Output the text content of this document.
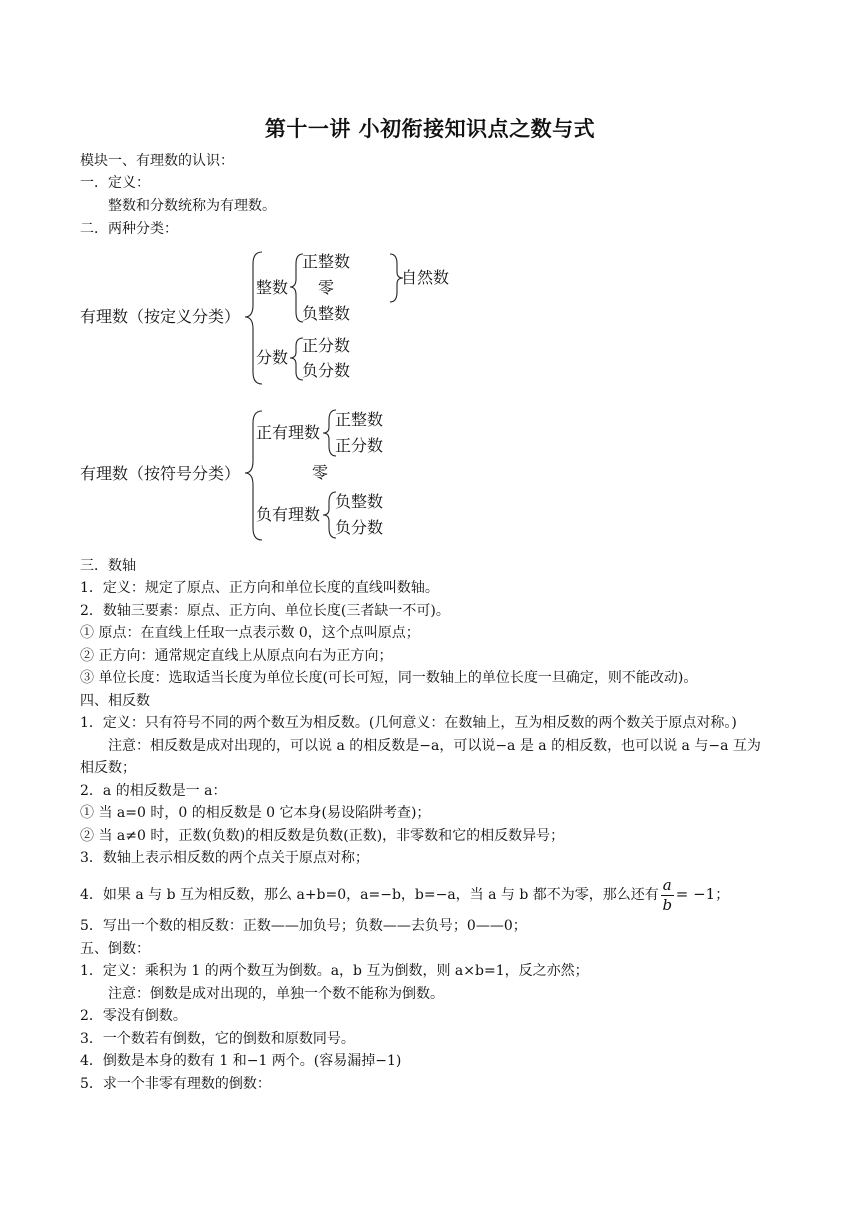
第十一讲 小初衔接知识点之数与式
模块一、有理数的认识：
一．定义：
整数和分数统称为有理数。
二．两种分类：
有理数（按定义分类）
整数
正整数
零
负整数
自然数
分数
正分数
负分数
有理数（按符号分类）
正有理数
正整数
正分数
零
负有理数
负整数
负分数
三．数轴
1．定义：规定了原点、正方向和单位长度的直线叫数轴。
2．数轴三要素：原点、正方向、单位长度(三者缺一不可)。
① 原点：在直线上任取一点表示数 0，这个点叫原点；
② 正方向：通常规定直线上从原点向右为正方向；
③ 单位长度：选取适当长度为单位长度(可长可短，同一数轴上的单位长度一旦确定，则不能改动)。
四、相反数
1．定义：只有符号不同的两个数互为相反数。(几何意义：在数轴上，互为相反数的两个数关于原点对称。)
注意：相反数是成对出现的，可以说 a 的相反数是−a，可以说−a 是 a 的相反数，也可以说 a 与−a 互为
相反数；
2．a 的相反数是一 a：
① 当 a=0 时，0 的相反数是 0 它本身(易设陷阱考查)；
② 当 a≠0 时，正数(负数)的相反数是负数(正数)，非零数和它的相反数异号；
3．数轴上表示相反数的两个点关于原点对称；
4．如果 a 与 b 互为相反数，那么 a+b=0，a=−b，b=−a，当 a 与 b 都不为零，那么还有 $\frac{a}{b} = -1$；
5．写出一个数的相反数：正数——加负号；负数——去负号；0——0；
五、倒数：
1．定义：乘积为 1 的两个数互为倒数。a，b 互为倒数，则 a×b=1，反之亦然；
注意：倒数是成对出现的，单独一个数不能称为倒数。
2．零没有倒数。
3．一个数若有倒数，它的倒数和原数同号。
4．倒数是本身的数有 1 和−1 两个。(容易漏掉−1)
5．求一个非零有理数的倒数：
